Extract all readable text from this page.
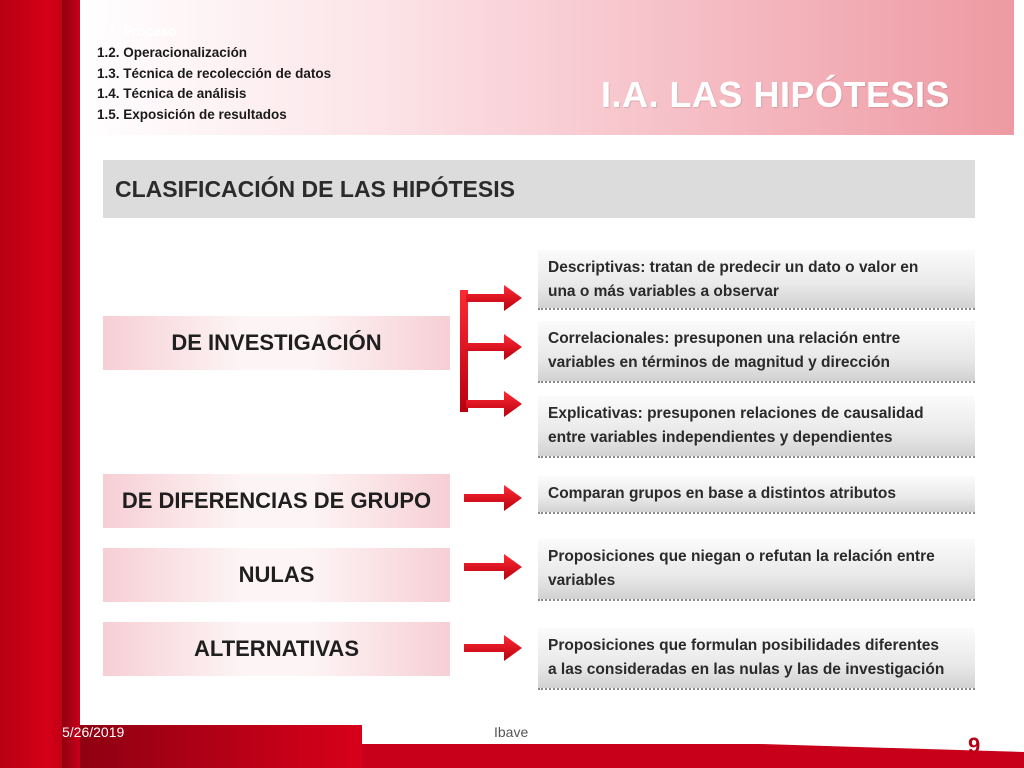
1.1. Proceso
1.2. Operacionalización
1.3. Técnica de recolección de datos
1.4. Técnica de análisis
1.5. Exposición de resultados	I.A. LAS HIPÓTESIS
CLASIFICACIÓN DE LAS HIPÓTESIS
DE INVESTIGACIÓN
DE DIFERENCIAS DE GRUPO
NULAS
ALTERNATIVAS
Descriptivas: tratan de predecir un dato o valor en
una o más variables a observar
Correlacionales: presuponen una relación entre
variables en términos de magnitud y dirección
Explicativas: presuponen relaciones de causalidad
entre variables independientes y dependientes
Comparan grupos en base a distintos atributos
Proposiciones que niegan o refutan la relación entre
variables
Proposiciones que formulan posibilidades diferentes
a las consideradas en las nulas y las de investigación
5/26/2019	Ibave
9
